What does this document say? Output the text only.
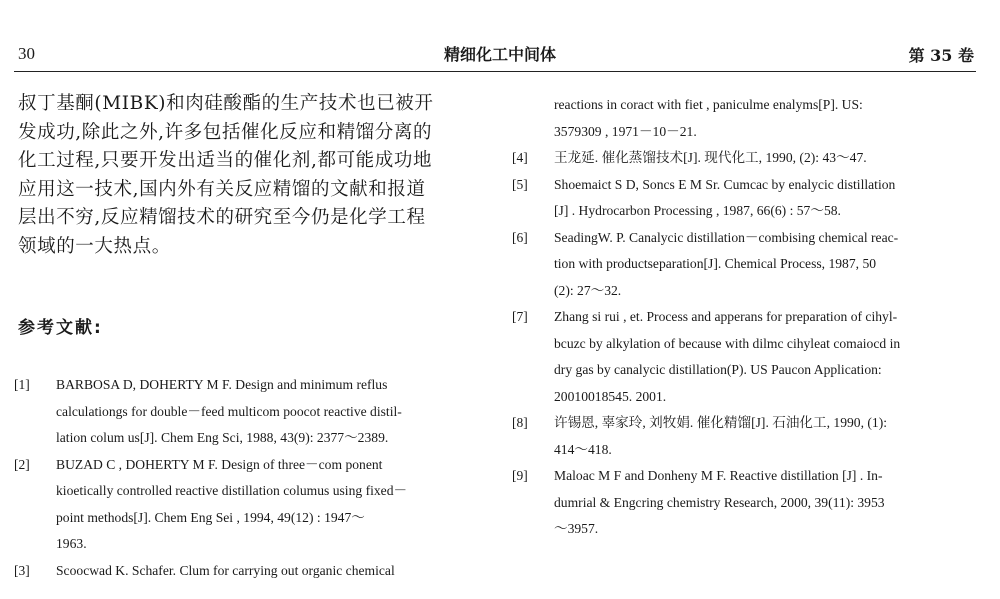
30	精细化工中间体	第 35 卷
叔丁基酮(MIBK)和肉硅酸酯的生产技术也已被开
发成功,除此之外,许多包括催化反应和精馏分离的
化工过程,只要开发出适当的催化剂,都可能成功地
应用这一技术,国内外有关反应精馏的文献和报道
层出不穷,反应精馏技术的研究至今仍是化学工程
领域的一大热点。
参考文献:
[1] BARBOSA D, DOHERTY M F. Design and minimum reflus
calculationgs for double－feed multicom poocot reactive distil-
lation colum us[J]. Chem Eng Sci, 1988, 43(9): 2377～2389.
[2] BUZAD C , DOHERTY M F. Design of three－com ponent
kioetically controlled reactive distillation columus using fixed－
point methods[J]. Chem Eng Sei , 1994, 49(12) : 1947～
1963.
[3] Scoocwad K. Schafer. Clum for carrying out organic chemical
reactions in coract with fiet , paniculme enalyms[P]. US:
3579309 , 1971－10－21.
[4] 王龙延. 催化蒸馏技术[J]. 现代化工, 1990, (2): 43～47.
[5] Shoemaict S D, Soncs E M Sr. Cumcac by enalycic distillation
[J] . Hydrocarbon Processing , 1987, 66(6) : 57～58.
[6] SeadingW. P. Canalycic distillation－combising chemical reac-
tion with productseparation[J]. Chemical Process, 1987, 50
(2): 27～32.
[7] Zhang si rui , et. Process and apperans for preparation of cihyl-
bcuzc by alkylation of because with dilmc cihyleat comaiocd in
dry gas by canalycic distillation(P). US Paucon Application:
20010018545. 2001.
[8] 许锡恩, 辜家玲, 刘牧娟. 催化精馏[J]. 石油化工, 1990, (1):
414～418.
[9] Maloac M F and Donheny M F. Reactive distillation [J] . In-
dumrial & Engcring chemistry Research, 2000, 39(11): 3953
～3957.
